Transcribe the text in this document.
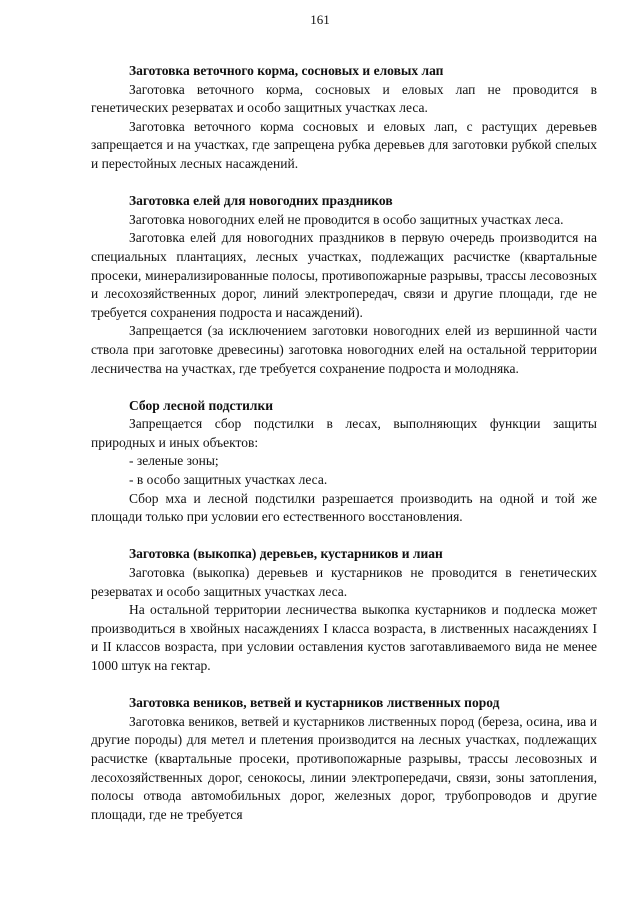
161

Заготовка веточного корма, сосновых и еловых лап

Заготовка веточного корма, сосновых и еловых лап не проводится в генетических резерватах и особо защитных участках леса.

Заготовка веточного корма сосновых и еловых лап, с растущих деревьев запрещается и на участках, где запрещена рубка деревьев для заготовки рубкой спелых и перестойных лесных насаждений.

Заготовка елей для новогодних праздников

Заготовка новогодних елей не проводится в особо защитных участках леса.

Заготовка елей для новогодних праздников в первую очередь производится на специальных плантациях, лесных участках, подлежащих расчистке (квартальные просеки, минерализированные полосы, противопожарные разрывы, трассы лесовозных и лесохозяйственных дорог, линий электропередач, связи и другие площади, где не требуется сохранения подроста и насаждений).

Запрещается (за исключением заготовки новогодних елей из вершинной части ствола при заготовке древесины) заготовка новогодних елей на остальной территории лесничества на участках, где требуется сохранение подроста и молодняка.

Сбор лесной подстилки

Запрещается сбор подстилки в лесах, выполняющих функции защиты природных и иных объектов:

- зеленые зоны;

- в особо защитных участках леса.

Сбор мха и лесной подстилки разрешается производить на одной и той же площади только при условии его естественного восстановления.

Заготовка (выкопка) деревьев, кустарников и лиан

Заготовка (выкопка) деревьев и кустарников не проводится в генетических резерватах и особо защитных участках леса.

На остальной территории лесничества выкопка кустарников и подлеска может производиться в хвойных насаждениях I класса возраста, в лиственных насаждениях I и II классов возраста, при условии оставления кустов заготавливаемого вида не менее 1000 штук на гектар.

Заготовка веников, ветвей и кустарников лиственных пород

Заготовка веников, ветвей и кустарников лиственных пород (береза, осина, ива и другие породы) для метел и плетения производится на лесных участках, подлежащих расчистке (квартальные просеки, противопожарные разрывы, трассы лесовозных и лесохозяйственных дорог, сенокосы, линии электропередачи, связи, зоны затопления, полосы отвода автомобильных дорог, железных дорог, трубопроводов и другие площади, где не требуется
